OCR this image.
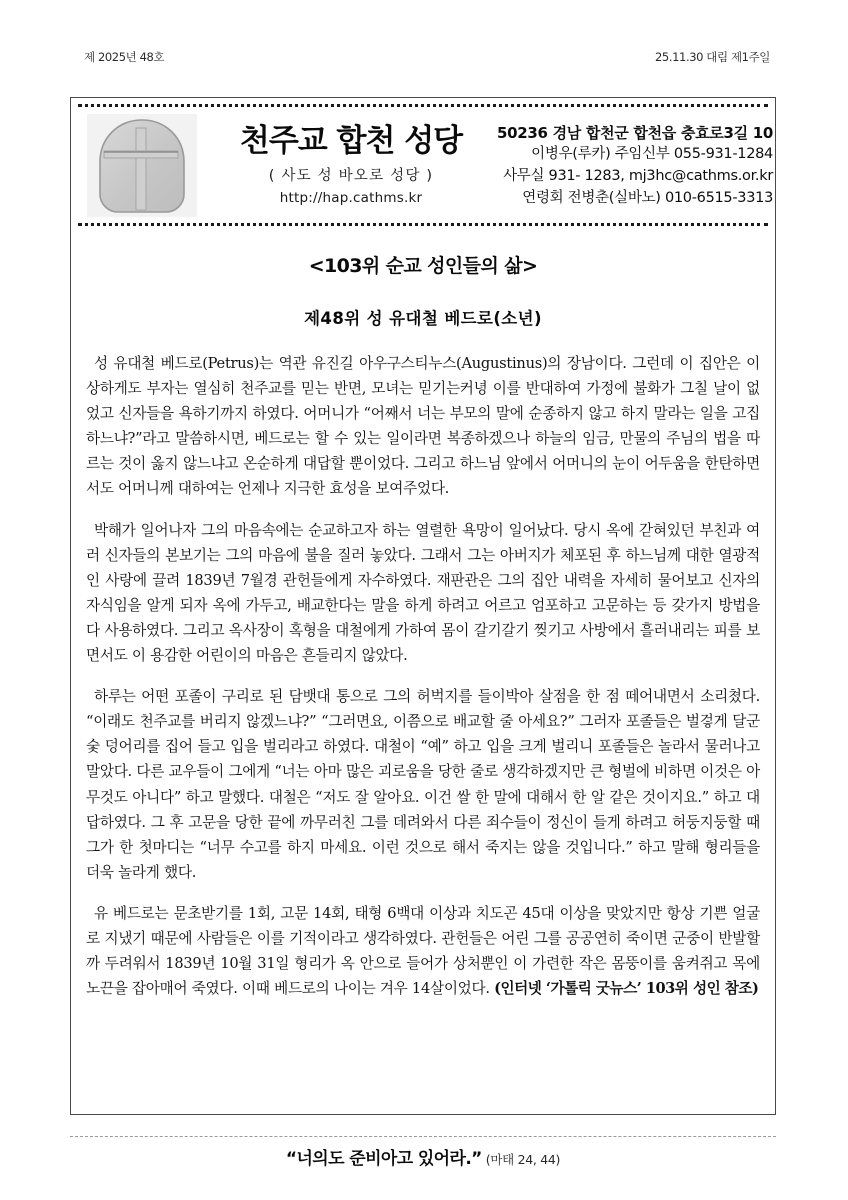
제 2025년 48호	25.11.30 대림 제1주일
천주교 합천 성당
( 사도 성 바오로 성당 )
http://hap.cathms.kr
50236 경남 합천군 합천읍 충효로3길 10
이병우(루카) 주임신부 055-931-1284
사무실 931- 1283, mj3hc@cathms.or.kr
연령회 전병춘(실바노) 010-6515-3313
<103위 순교 성인들의 삶>
제48위 성 유대철 베드로(소년)

성 유대철 베드로(Petrus)는 역관 유진길 아우구스티누스(Augustinus)의 장남이다. 그런데 이 집안은 이상하게도 부자는 열심히 천주교를 믿는 반면, 모녀는 믿기는커녕 이를 반대하여 가정에 불화가 그칠 날이 없었고 신자들을 욕하기까지 하였다. 어머니가 “어째서 너는 부모의 말에 순종하지 않고 하지 말라는 일을 고집하느냐?”라고 말씀하시면, 베드로는 할 수 있는 일이라면 복종하겠으나 하늘의 임금, 만물의 주님의 법을 따르는 것이 옳지 않느냐고 온순하게 대답할 뿐이었다. 그리고 하느님 앞에서 어머니의 눈이 어두움을 한탄하면서도 어머니께 대하여는 언제나 지극한 효성을 보여주었다.

박해가 일어나자 그의 마음속에는 순교하고자 하는 열렬한 욕망이 일어났다. 당시 옥에 갇혀있던 부친과 여러 신자들의 본보기는 그의 마음에 불을 질러 놓았다. 그래서 그는 아버지가 체포된 후 하느님께 대한 열광적인 사랑에 끌려 1839년 7월경 관헌들에게 자수하였다. 재판관은 그의 집안 내력을 자세히 물어보고 신자의 자식임을 알게 되자 옥에 가두고, 배교한다는 말을 하게 하려고 어르고 엄포하고 고문하는 등 갖가지 방법을 다 사용하였다. 그리고 옥사장이 혹형을 대철에게 가하여 몸이 갈기갈기 찢기고 사방에서 흘러내리는 피를 보면서도 이 용감한 어린이의 마음은 흔들리지 않았다.

하루는 어떤 포졸이 구리로 된 담뱃대 통으로 그의 허벅지를 들이박아 살점을 한 점 떼어내면서 소리쳤다. “이래도 천주교를 버리지 않겠느냐?” “그러면요, 이쯤으로 배교할 줄 아세요?” 그러자 포졸들은 벌겋게 달군 숯 덩어리를 집어 들고 입을 벌리라고 하였다. 대철이 “예” 하고 입을 크게 벌리니 포졸들은 놀라서 물러나고 말았다. 다른 교우들이 그에게 “너는 아마 많은 괴로움을 당한 줄로 생각하겠지만 큰 형벌에 비하면 이것은 아무것도 아니다” 하고 말했다. 대철은 “저도 잘 알아요. 이건 쌀 한 말에 대해서 한 알 같은 것이지요.” 하고 대답하였다. 그 후 고문을 당한 끝에 까무러친 그를 데려와서 다른 죄수들이 정신이 들게 하려고 허둥지둥할 때 그가 한 첫마디는 “너무 수고를 하지 마세요. 이런 것으로 해서 죽지는 않을 것입니다.” 하고 말해 형리들을 더욱 놀라게 했다.

유 베드로는 문초받기를 1회, 고문 14회, 태형 6백대 이상과 치도곤 45대 이상을 맞았지만 항상 기쁜 얼굴로 지냈기 때문에 사람들은 이를 기적이라고 생각하였다. 관헌들은 어린 그를 공공연히 죽이면 군중이 반발할까 두려워서 1839년 10월 31일 형리가 옥 안으로 들어가 상처뿐인 이 가련한 작은 몸뚱이를 움켜쥐고 목에 노끈을 잡아매어 죽였다. 이때 베드로의 나이는 겨우 14살이었다. (인터넷 ‘가톨릭 굿뉴스’ 103위 성인 참조)

“너의도 준비아고 있어라.” (마태 24, 44)
